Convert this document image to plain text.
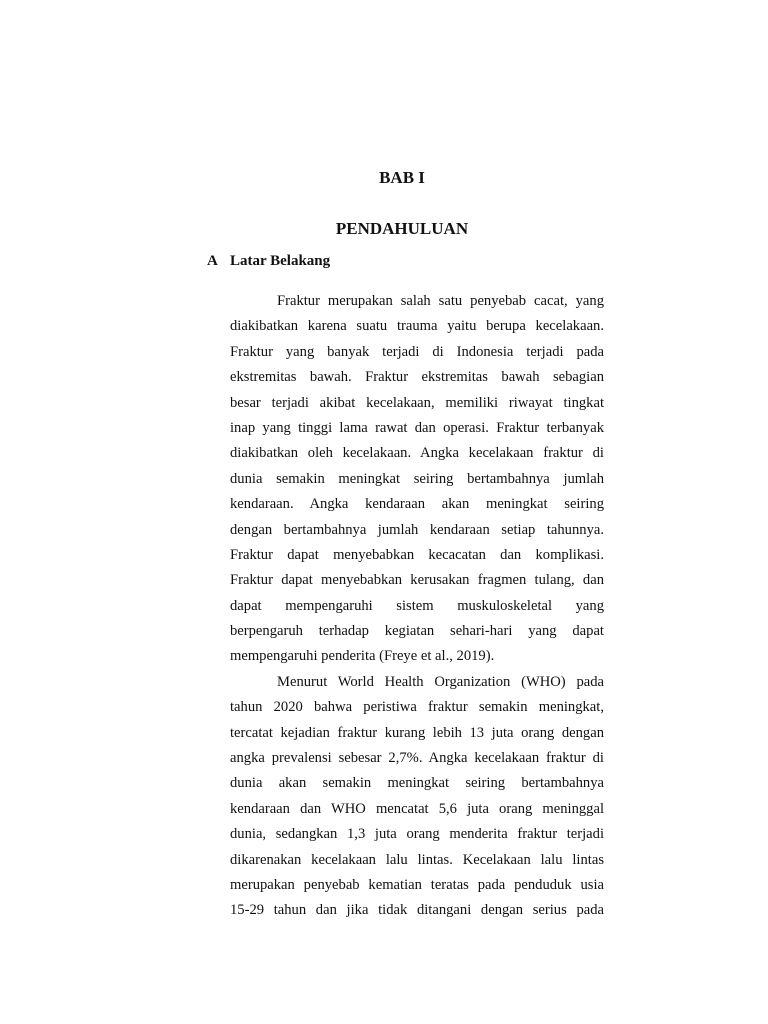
BAB I
PENDAHULUAN
A Latar Belakang
Fraktur merupakan salah satu penyebab cacat, yang
diakibatkan karena suatu trauma yaitu berupa kecelakaan.
Fraktur yang banyak terjadi di Indonesia terjadi pada
ekstremitas bawah. Fraktur ekstremitas bawah sebagian
besar terjadi akibat kecelakaan, memiliki riwayat tingkat
inap yang tinggi lama rawat dan operasi. Fraktur terbanyak
diakibatkan oleh kecelakaan. Angka kecelakaan fraktur di
dunia semakin meningkat seiring bertambahnya jumlah
kendaraan. Angka kendaraan akan meningkat seiring
dengan bertambahnya jumlah kendaraan setiap tahunnya.
Fraktur dapat menyebabkan kecacatan dan komplikasi.
Fraktur dapat menyebabkan kerusakan fragmen tulang, dan
dapat mempengaruhi sistem muskuloskeletal yang
berpengaruh terhadap kegiatan sehari-hari yang dapat
mempengaruhi penderita (Freye et al., 2019).
Menurut World Health Organization (WHO) pada
tahun 2020 bahwa peristiwa fraktur semakin meningkat,
tercatat kejadian fraktur kurang lebih 13 juta orang dengan
angka prevalensi sebesar 2,7%. Angka kecelakaan fraktur di
dunia akan semakin meningkat seiring bertambahnya
kendaraan dan WHO mencatat 5,6 juta orang meninggal
dunia, sedangkan 1,3 juta orang menderita fraktur terjadi
dikarenakan kecelakaan lalu lintas. Kecelakaan lalu lintas
merupakan penyebab kematian teratas pada penduduk usia
15-29 tahun dan jika tidak ditangani dengan serius pada
